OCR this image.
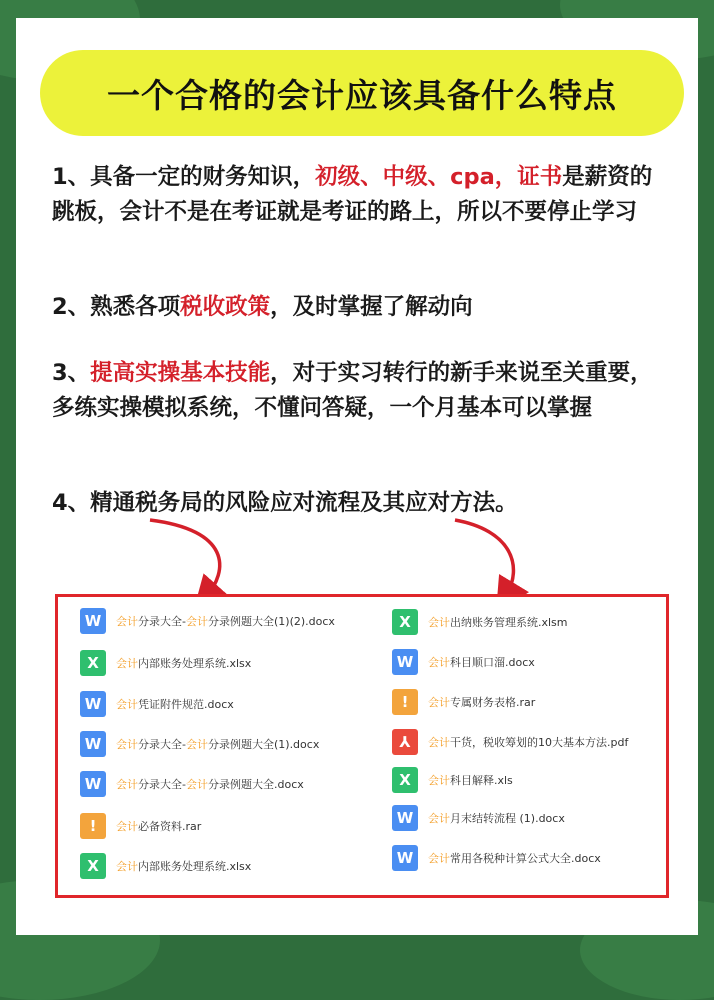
一个合格的会计应该具备什么特点
1、具备一定的财务知识，初级、中级、cpa，证书是薪资的跳板，会计不是在考证就是考证的路上，所以不要停止学习
2、熟悉各项税收政策，及时掌握了解动向
3、提高实操基本技能，对于实习转行的新手来说至关重要，多练实操模拟系统，不懂问答疑，一个月基本可以掌握
4、精通税务局的风险应对流程及其应对方法。
W	会计分录大全-会计分录例题大全(1)(2).docx
X	会计内部账务处理系统.xlsx
W	会计凭证附件规范.docx
W	会计分录大全-会计分录例题大全(1).docx
W	会计分录大全-会计分录例题大全.docx
!	会计必备资料.rar
X	会计内部账务处理系统.xlsx
X	会计出纳账务管理系统.xlsm
W	会计科目顺口溜.docx
!	会计专属财务表格.rar
⅄	会计干货，税收筹划的10大基本方法.pdf
X	会计科目解释.xls
W	会计月末结转流程 (1).docx
W	会计常用各税种计算公式大全.docx
